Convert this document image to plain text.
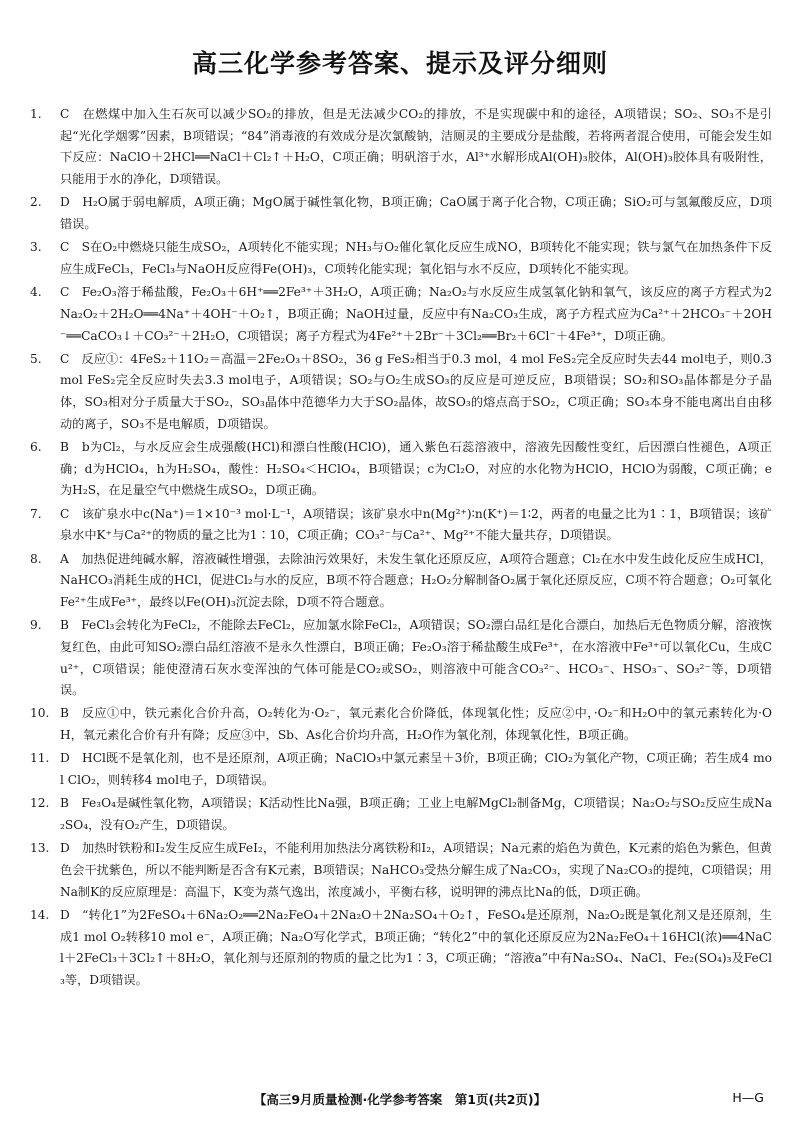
高三化学参考答案、提示及评分细则
1. C　在燃煤中加入生石灰可以减少SO₂的排放，但是无法减少CO₂的排放，不是实现碳中和的途径，A项错误；SO₂、SO₃不是引起“光化学烟雾”因素，B项错误；“84”消毒液的有效成分是次氯酸钠，洁厕灵的主要成分是盐酸，若将两者混合使用，可能会发生如下反应：NaClO＋2HCl══NaCl＋Cl₂↑＋H₂O，C项正确；明矾溶于水，Al³⁺水解形成Al(OH)₃胶体，Al(OH)₃胶体具有吸附性，只能用于水的净化，D项错误。
2. D　H₂O属于弱电解质，A项正确；MgO属于碱性氧化物，B项正确；CaO属于离子化合物，C项正确；SiO₂可与氢氟酸反应，D项错误。
3. C　S在O₂中燃烧只能生成SO₂，A项转化不能实现；NH₃与O₂催化氧化反应生成NO，B项转化不能实现；铁与氯气在加热条件下反应生成FeCl₃，FeCl₃与NaOH反应得Fe(OH)₃，C项转化能实现；氧化铝与水不反应，D项转化不能实现。
4. C　Fe₂O₃溶于稀盐酸，Fe₂O₃＋6H⁺══2Fe³⁺＋3H₂O，A项正确；Na₂O₂与水反应生成氢氧化钠和氧气，该反应的离子方程式为2Na₂O₂＋2H₂O══4Na⁺＋4OH⁻＋O₂↑，B项正确；NaOH过量，反应中有Na₂CO₃生成，离子方程式应为Ca²⁺＋2HCO₃⁻＋2OH⁻══CaCO₃↓＋CO₃²⁻＋2H₂O，C项错误；离子方程式为4Fe²⁺＋2Br⁻＋3Cl₂══Br₂＋6Cl⁻＋4Fe³⁺，D项正确。
5. C　反应①：4FeS₂＋11O₂＝高温＝2Fe₂O₃＋8SO₂，36 g FeS₂相当于0.3 mol，4 mol FeS₂完全反应时失去44 mol电子，则0.3 mol FeS₂完全反应时失去3.3 mol电子，A项错误；SO₂与O₂生成SO₃的反应是可逆反应，B项错误；SO₂和SO₃晶体都是分子晶体，SO₃相对分子质量大于SO₂，SO₃晶体中范德华力大于SO₂晶体，故SO₃的熔点高于SO₂，C项正确；SO₃本身不能电离出自由移动的离子，SO₃不是电解质，D项错误。
6. B　b为Cl₂，与水反应会生成强酸(HCl)和漂白性酸(HClO)，通入紫色石蕊溶液中，溶液先因酸性变红，后因漂白性褪色，A项正确；d为HClO₄，h为H₂SO₄，酸性：H₂SO₄＜HClO₄，B项错误；c为Cl₂O，对应的水化物为HClO，HClO为弱酸，C项正确；e为H₂S，在足量空气中燃烧生成SO₂，D项正确。
7. C　该矿泉水中c(Na⁺)＝1×10⁻³ mol·L⁻¹，A项错误；该矿泉水中n(Mg²⁺)∶n(K⁺)＝1∶2，两者的电量之比为1∶1，B项错误；该矿泉水中K⁺与Ca²⁺的物质的量之比为1∶10，C项正确；CO₃²⁻与Ca²⁺、Mg²⁺不能大量共存，D项错误。
8. A　加热促进纯碱水解，溶液碱性增强，去除油污效果好，未发生氧化还原反应，A项符合题意；Cl₂在水中发生歧化反应生成HCl，NaHCO₃消耗生成的HCl，促进Cl₂与水的反应，B项不符合题意；H₂O₂分解制备O₂属于氧化还原反应，C项不符合题意；O₂可氧化Fe²⁺生成Fe³⁺，最终以Fe(OH)₃沉淀去除，D项不符合题意。
9. B　FeCl₃会转化为FeCl₂，不能除去FeCl₂，应加氯水除FeCl₂，A项错误；SO₂漂白品红是化合漂白，加热后无色物质分解，溶液恢复红色，由此可知SO₂漂白品红溶液不是永久性漂白，B项正确；Fe₂O₃溶于稀盐酸生成Fe³⁺，在水溶液中Fe³⁺可以氧化Cu，生成Cu²⁺，C项错误；能使澄清石灰水变浑浊的气体可能是CO₂或SO₂，则溶液中可能含CO₃²⁻、HCO₃⁻、HSO₃⁻、SO₃²⁻等，D项错误。
10. B　反应①中，铁元素化合价升高，O₂转化为·O₂⁻，氧元素化合价降低，体现氧化性；反应②中，·O₂⁻和H₂O中的氧元素转化为·OH，氧元素化合价有升有降；反应③中，Sb、As化合价均升高，H₂O作为氧化剂，体现氧化性，B项正确。
11. D　HCl既不是氧化剂，也不是还原剂，A项正确；NaClO₃中氯元素呈＋3价，B项正确；ClO₂为氧化产物，C项正确；若生成4 mol ClO₂，则转移4 mol电子，D项错误。
12. B　Fe₃O₄是碱性氧化物，A项错误；K活动性比Na强，B项正确；工业上电解MgCl₂制备Mg，C项错误；Na₂O₂与SO₂反应生成Na₂SO₄，没有O₂产生，D项错误。
13. D　加热时铁粉和I₂发生反应生成FeI₂，不能利用加热法分离铁粉和I₂，A项错误；Na元素的焰色为黄色，K元素的焰色为紫色，但黄色会干扰紫色，所以不能判断是否含有K元素，B项错误；NaHCO₃受热分解生成了Na₂CO₃，实现了Na₂CO₃的提纯，C项错误；用Na制K的反应原理是：高温下，K变为蒸气逸出，浓度减小，平衡右移，说明钾的沸点比Na的低，D项正确。
14. D　“转化1”为2FeSO₄＋6Na₂O₂══2Na₂FeO₄＋2Na₂O＋2Na₂SO₄＋O₂↑，FeSO₄是还原剂，Na₂O₂既是氧化剂又是还原剂，生成1 mol O₂转移10 mol e⁻，A项正确；Na₂O写化学式，B项正确；“转化2”中的氧化还原反应为2Na₂FeO₄＋16HCl(浓)══4NaCl＋2FeCl₃＋3Cl₂↑＋8H₂O，氧化剂与还原剂的物质的量之比为1∶3，C项正确；“溶液a”中有Na₂SO₄、NaCl、Fe₂(SO₄)₃及FeCl₃等，D项错误。
【高三9月质量检测·化学参考答案　第1页(共2页)】	H—G
